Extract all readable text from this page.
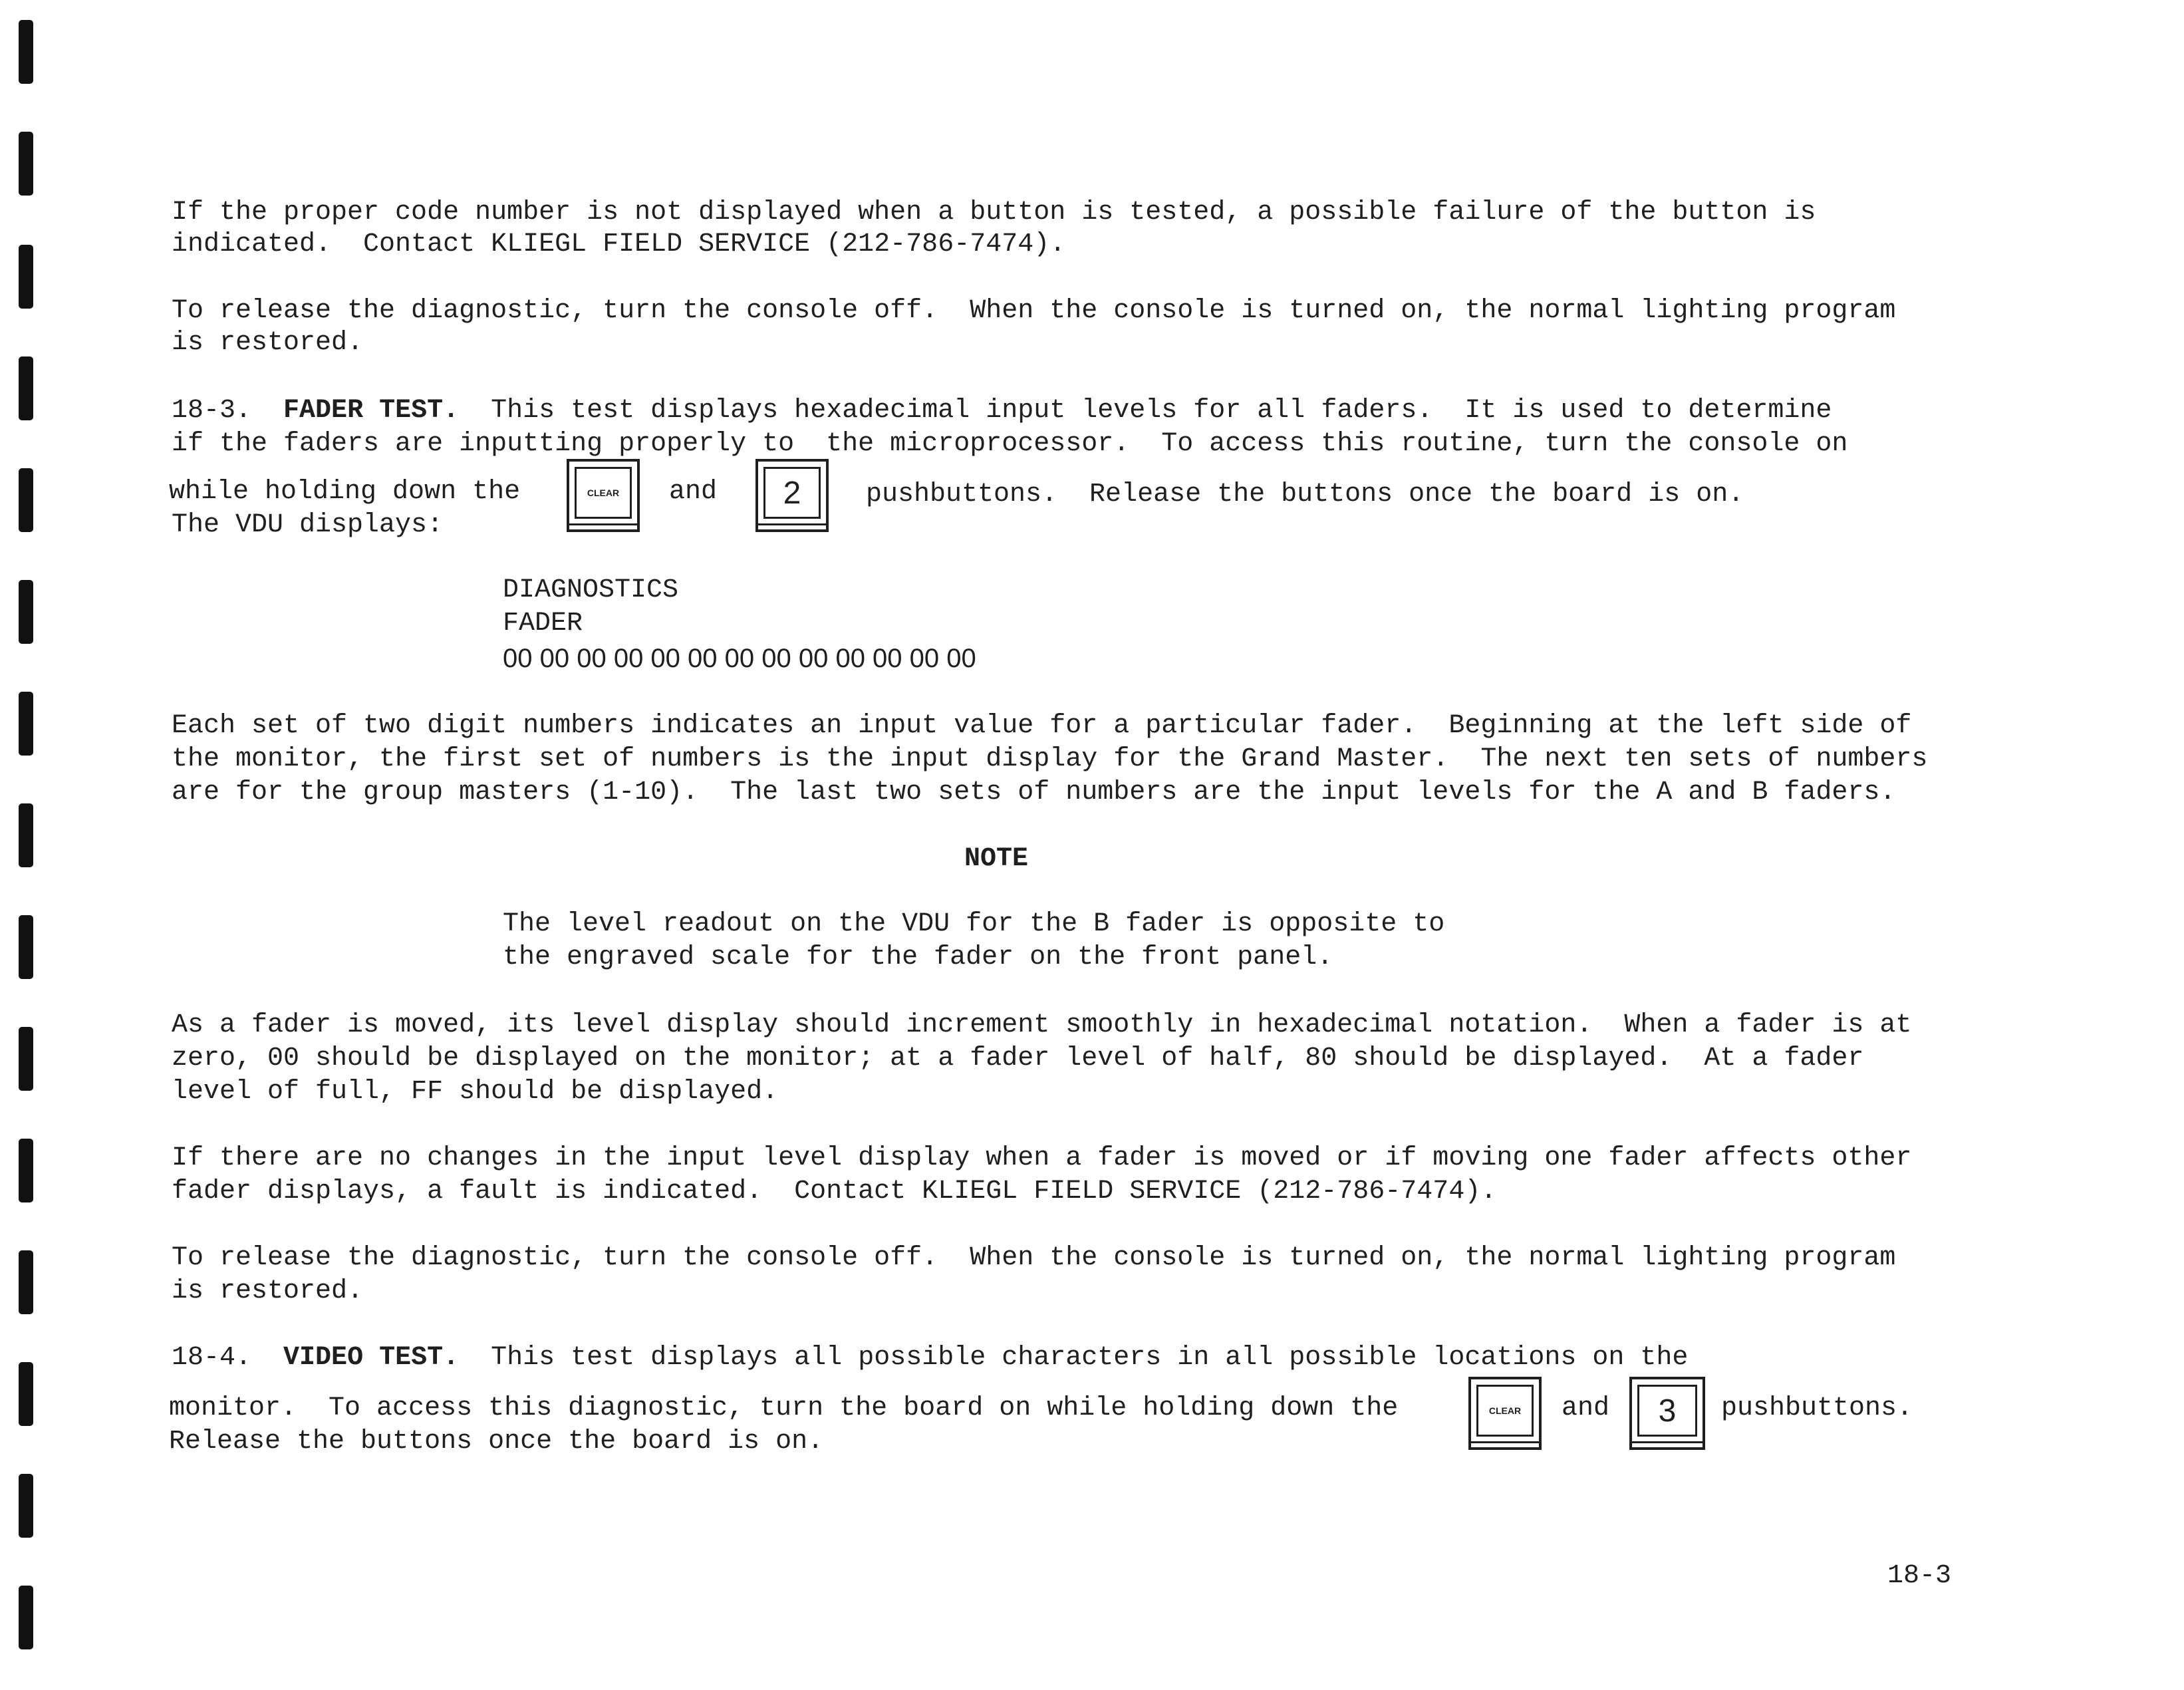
If the proper code number is not displayed when a button is tested, a possible failure of the button is
indicated.  Contact KLIEGL FIELD SERVICE (212-786-7474).
To release the diagnostic, turn the console off.  When the console is turned on, the normal lighting program
is restored.
18-3. FADER TEST. This test displays hexadecimal input levels for all faders.  It is used to determine
if the faders are inputting properly to  the microprocessor.  To access this routine, turn the console on
while holding down the	CLEAR	and	2	pushbuttons.  Release the buttons once the board is on.
The VDU displays:
DIAGNOSTICS
FADER
00 00 00 00 00 00 00 00 00 00 00 00 00
Each set of two digit numbers indicates an input value for a particular fader.  Beginning at the left side of
the monitor, the first set of numbers is the input display for the Grand Master.  The next ten sets of numbers
are for the group masters (1-10).  The last two sets of numbers are the input levels for the A and B faders.
NOTE
The level readout on the VDU for the B fader is opposite to
the engraved scale for the fader on the front panel.
As a fader is moved, its level display should increment smoothly in hexadecimal notation.  When a fader is at
zero, 00 should be displayed on the monitor; at a fader level of half, 80 should be displayed.  At a fader
level of full, FF should be displayed.
If there are no changes in the input level display when a fader is moved or if moving one fader affects other
fader displays, a fault is indicated.  Contact KLIEGL FIELD SERVICE (212-786-7474).
To release the diagnostic, turn the console off.  When the console is turned on, the normal lighting program
is restored.
18-4. VIDEO TEST. This test displays all possible characters in all possible locations on the
monitor.  To access this diagnostic, turn the board on while holding down the	CLEAR	and	3	pushbuttons.
Release the buttons once the board is on.
18-3
